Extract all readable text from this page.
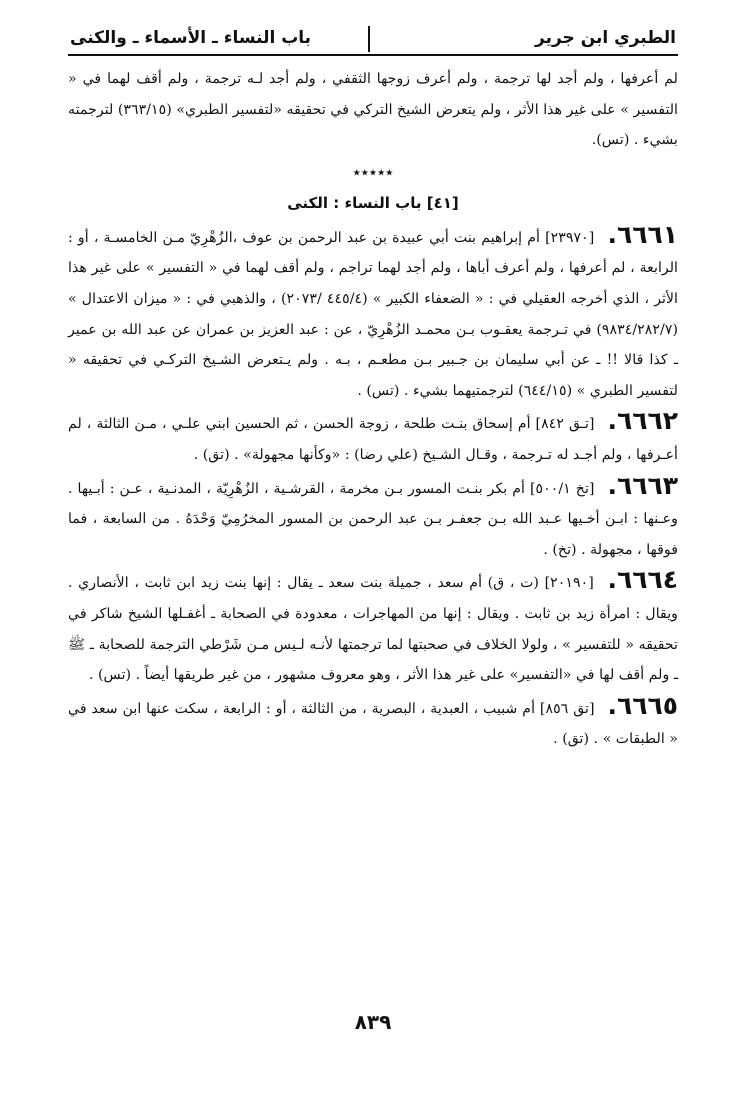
الطبري ابن جرير
باب النساء ـ الأسماء ـ والكنى

لم أعرفها ، ولم أجد لها ترجمة ، ولم أعرف زوجها الثقفي ، ولم أجد لـه ترجمة ، ولم أقف لهما في « التفسير » على غير هذا الأثر ، ولم يتعرض الشيخ التركي في تحقيقه «لتفسير الطبري» (٣٦٣/١٥) لترجمته بشيء . (تس).

٭٭٭٭٭
[٤١] باب النساء : الكنى

٦٦٦١. [٢٣٩٧٠] أم إبراهيم بنت أبي عبيدة بن عبد الرحمن بن عوف ،الزُهْرِيّ مـن الخامسـة ، أو : الرابعة ، لم أعرفها ، ولم أعرف أباها ، ولم أجد لهما تراجم ، ولم أقف لهما في « التفسير » على غير هذا الأثر ، الذي أخرجه العقيلي في : « الضعفاء الكبير » (٤٤٥/٤ /٢٠٧٣) ، والذهبي في : « ميزان الاعتدال » (٩٨٣٤/٢٨٢/٧) في تـرجمة يعقـوب بـن محمـد الزُهْرِيّ ، عن : عبد العزيز بن عمران عن عبد الله بن عمير ـ كذا قالا !! ـ عن أبي سليمان بن جـبير بـن مطعـم ، بـه . ولم يـتعرض الشـيخ التركـي في تحقيقه « لتفسير الطبري » (٦٤٤/١٥) لترجمتيهما بشيء . (تس) .

٦٦٦٢. [تـق ٨٤٢] أم إسحاق بنـت طلحة ، زوجة الحسن ، ثم الحسين ابني علـي ، مـن الثالثة ، لم أعـرفها ، ولم أجـد له تـرجمة ، وقـال الشـيخ (علي رضا) : «وكأنها مجهولة» . (تق) .

٦٦٦٣. [تخ ٥٠٠/١] أم بكر بنـت المسور بـن مخرمة ، القرشـية ، الزُهْرِيّة ، المدنـية ، عـن : أبـيها . وعـنها : ابـن أخـيها عـبد الله بـن جعفـر بـن عبد الرحمن بن المسور المخرُمِيّ وَحْدَهُ . من السابعة ، فما فوقها ، مجهولة . (تخ) .

٦٦٦٤. [٢٠١٩٠] (ت ، ق) أم سعد ، جميلة بنت سعد ـ يقال : إنها بنت زيد ابن ثابت ، الأنصاري . ويقال : امرأة زيد بن ثابت . ويقال : إنها من المهاجرات ، معدودة في الصحابة ـ أغفـلها الشيخ شاكر في تحقيقه « للتفسير » ، ولولا الخلاف في صحبتها لما ترجمتها لأنـه لـيس مـن شَرْطي الترجمة للصحابة ـ ﷺ ـ ولم أقف لها في «التفسير» على غير هذا الأثر ، وهو معروف مشهور ، من غير طريقها أيضاً . (تس) .

٦٦٦٥. [تق ٨٥٦] أم شبيب ، العبدية ، البصرية ، من الثالثة ، أو : الرابعة ، سكت عنها ابن سعد في « الطبقات » . (تق) .

٨٣٩
